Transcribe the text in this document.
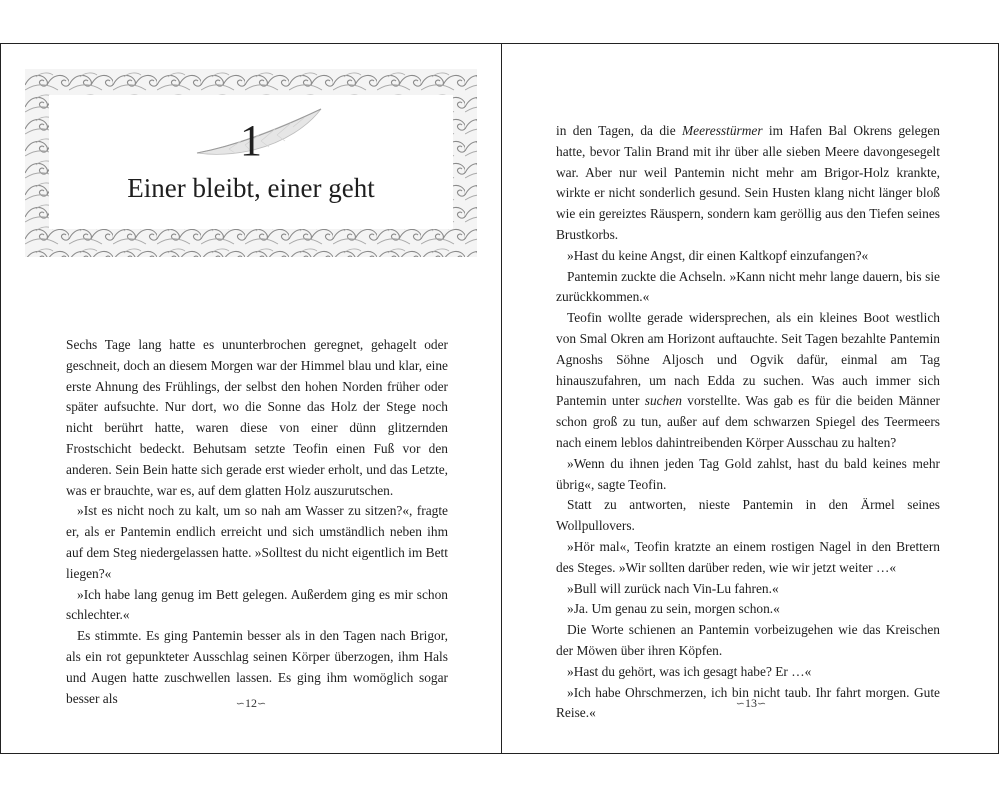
1
Einer bleibt, einer geht

Sechs Tage lang hatte es ununterbrochen geregnet, gehagelt oder geschneit, doch an diesem Morgen war der Himmel blau und klar, eine erste Ahnung des Frühlings, der selbst den hohen Norden früher oder später aufsuchte. Nur dort, wo die Sonne das Holz der Stege noch nicht berührt hatte, waren diese von einer dünn glitzernden Frostschicht bedeckt. Behutsam setzte Teofin einen Fuß vor den anderen. Sein Bein hatte sich gerade erst wieder erholt, und das Letzte, was er brauchte, war es, auf dem glatten Holz auszurutschen.

»Ist es nicht noch zu kalt, um so nah am Wasser zu sitzen?«, fragte er, als er Pantemin endlich erreicht und sich umständlich neben ihm auf dem Steg niedergelassen hatte. »Solltest du nicht eigentlich im Bett liegen?«

»Ich habe lang genug im Bett gelegen. Außerdem ging es mir schon schlechter.«

Es stimmte. Es ging Pantemin besser als in den Tagen nach Brigor, als ein rot gepunkteter Ausschlag seinen Körper überzogen, ihm Hals und Augen hatte zuschwellen lassen. Es ging ihm womöglich sogar besser als	∽12∽

in den Tagen, da die Meeresstürmer im Hafen Bal Okrens gelegen hatte, bevor Talin Brand mit ihr über alle sieben Meere davongesegelt war. Aber nur weil Pantemin nicht mehr am Brigor-Holz krankte, wirkte er nicht sonderlich gesund. Sein Husten klang nicht länger bloß wie ein gereiztes Räuspern, sondern kam geröllig aus den Tiefen seines Brustkorbs.

»Hast du keine Angst, dir einen Kaltkopf einzufangen?«

Pantemin zuckte die Achseln. »Kann nicht mehr lange dauern, bis sie zurückkommen.«

Teofin wollte gerade widersprechen, als ein kleines Boot westlich von Smal Okren am Horizont auftauchte. Seit Tagen bezahlte Pantemin Agnoshs Söhne Aljosch und Ogvik dafür, einmal am Tag hinauszufahren, um nach Edda zu suchen. Was auch immer sich Pantemin unter suchen vorstellte. Was gab es für die beiden Männer schon groß zu tun, außer auf dem schwarzen Spiegel des Teermeers nach einem leblos dahintreibenden Körper Ausschau zu halten?

»Wenn du ihnen jeden Tag Gold zahlst, hast du bald keines mehr übrig«, sagte Teofin.

Statt zu antworten, nieste Pantemin in den Ärmel seines Wollpullovers.

»Hör mal«, Teofin kratzte an einem rostigen Nagel in den Brettern des Steges. »Wir sollten darüber reden, wie wir jetzt weiter …«

»Bull will zurück nach Vin-Lu fahren.«

»Ja. Um genau zu sein, morgen schon.«

Die Worte schienen an Pantemin vorbeizugehen wie das Kreischen der Möwen über ihren Köpfen.

»Hast du gehört, was ich gesagt habe? Er …«

»Ich habe Ohrschmerzen, ich bin nicht taub. Ihr fahrt morgen. Gute Reise.«

∽13∽
